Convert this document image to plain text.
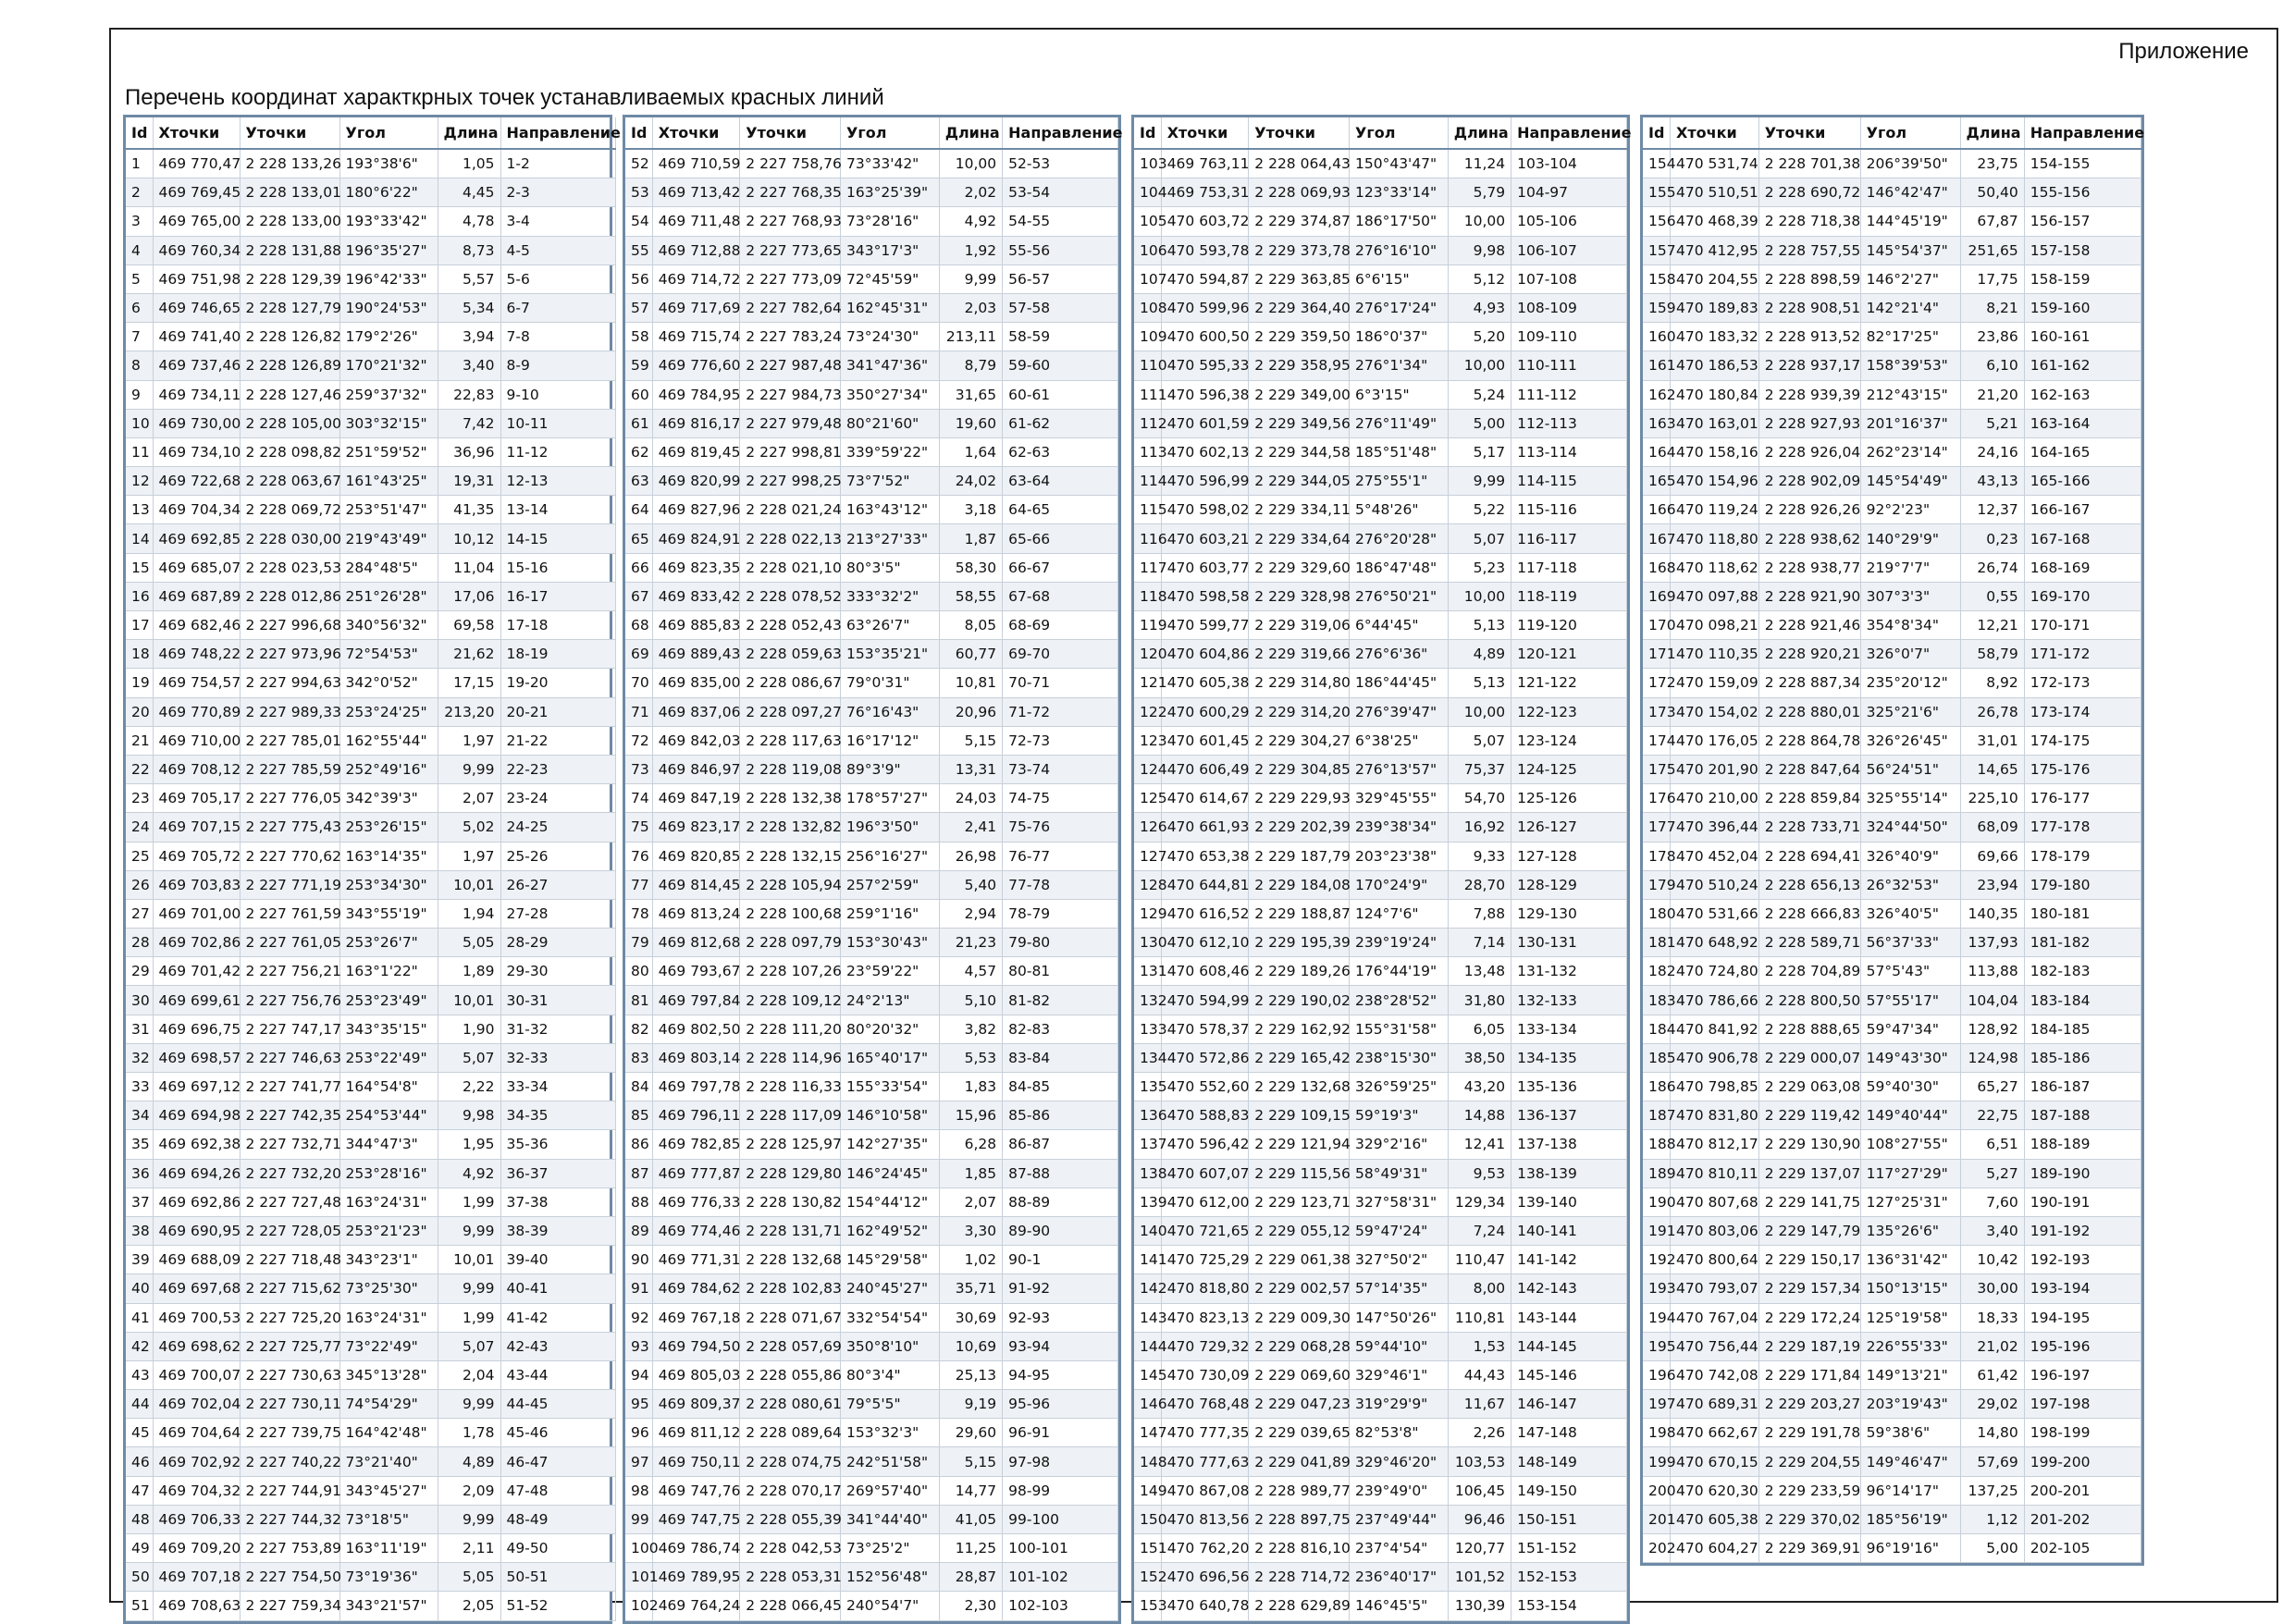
Приложение
Перечень координат характкрных точек устанавливаемых красных линий
Id	Хточки	Уточки	Угол	Длина	Направление
1	469 770,47	2 228 133,26	193°38'6"	1,05	1-2
2	469 769,45	2 228 133,01	180°6'22"	4,45	2-3
3	469 765,00	2 228 133,00	193°33'42"	4,78	3-4
4	469 760,34	2 228 131,88	196°35'27"	8,73	4-5
5	469 751,98	2 228 129,39	196°42'33"	5,57	5-6
6	469 746,65	2 228 127,79	190°24'53"	5,34	6-7
7	469 741,40	2 228 126,82	179°2'26"	3,94	7-8
8	469 737,46	2 228 126,89	170°21'32"	3,40	8-9
9	469 734,11	2 228 127,46	259°37'32"	22,83	9-10
10	469 730,00	2 228 105,00	303°32'15"	7,42	10-11
11	469 734,10	2 228 098,82	251°59'52"	36,96	11-12
12	469 722,68	2 228 063,67	161°43'25"	19,31	12-13
13	469 704,34	2 228 069,72	253°51'47"	41,35	13-14
14	469 692,85	2 228 030,00	219°43'49"	10,12	14-15
15	469 685,07	2 228 023,53	284°48'5"	11,04	15-16
16	469 687,89	2 228 012,86	251°26'28"	17,06	16-17
17	469 682,46	2 227 996,68	340°56'32"	69,58	17-18
18	469 748,22	2 227 973,96	72°54'53"	21,62	18-19
19	469 754,57	2 227 994,63	342°0'52"	17,15	19-20
20	469 770,89	2 227 989,33	253°24'25"	213,20	20-21
21	469 710,00	2 227 785,01	162°55'44"	1,97	21-22
22	469 708,12	2 227 785,59	252°49'16"	9,99	22-23
23	469 705,17	2 227 776,05	342°39'3"	2,07	23-24
24	469 707,15	2 227 775,43	253°26'15"	5,02	24-25
25	469 705,72	2 227 770,62	163°14'35"	1,97	25-26
26	469 703,83	2 227 771,19	253°34'30"	10,01	26-27
27	469 701,00	2 227 761,59	343°55'19"	1,94	27-28
28	469 702,86	2 227 761,05	253°26'7"	5,05	28-29
29	469 701,42	2 227 756,21	163°1'22"	1,89	29-30
30	469 699,61	2 227 756,76	253°23'49"	10,01	30-31
31	469 696,75	2 227 747,17	343°35'15"	1,90	31-32
32	469 698,57	2 227 746,63	253°22'49"	5,07	32-33
33	469 697,12	2 227 741,77	164°54'8"	2,22	33-34
34	469 694,98	2 227 742,35	254°53'44"	9,98	34-35
35	469 692,38	2 227 732,71	344°47'3"	1,95	35-36
36	469 694,26	2 227 732,20	253°28'16"	4,92	36-37
37	469 692,86	2 227 727,48	163°24'31"	1,99	37-38
38	469 690,95	2 227 728,05	253°21'23"	9,99	38-39
39	469 688,09	2 227 718,48	343°23'1"	10,01	39-40
40	469 697,68	2 227 715,62	73°25'30"	9,99	40-41
41	469 700,53	2 227 725,20	163°24'31"	1,99	41-42
42	469 698,62	2 227 725,77	73°22'49"	5,07	42-43
43	469 700,07	2 227 730,63	345°13'28"	2,04	43-44
44	469 702,04	2 227 730,11	74°54'29"	9,99	44-45
45	469 704,64	2 227 739,75	164°42'48"	1,78	45-46
46	469 702,92	2 227 740,22	73°21'40"	4,89	46-47
47	469 704,32	2 227 744,91	343°45'27"	2,09	47-48
48	469 706,33	2 227 744,32	73°18'5"	9,99	48-49
49	469 709,20	2 227 753,89	163°11'19"	2,11	49-50
50	469 707,18	2 227 754,50	73°19'36"	5,05	50-51
51	469 708,63	2 227 759,34	343°21'57"	2,05	51-52
Id	Хточки	Уточки	Угол	Длина	Направление
52	469 710,59	2 227 758,76	73°33'42"	10,00	52-53
53	469 713,42	2 227 768,35	163°25'39"	2,02	53-54
54	469 711,48	2 227 768,93	73°28'16"	4,92	54-55
55	469 712,88	2 227 773,65	343°17'3"	1,92	55-56
56	469 714,72	2 227 773,09	72°45'59"	9,99	56-57
57	469 717,69	2 227 782,64	162°45'31"	2,03	57-58
58	469 715,74	2 227 783,24	73°24'30"	213,11	58-59
59	469 776,60	2 227 987,48	341°47'36"	8,79	59-60
60	469 784,95	2 227 984,73	350°27'34"	31,65	60-61
61	469 816,17	2 227 979,48	80°21'60"	19,60	61-62
62	469 819,45	2 227 998,81	339°59'22"	1,64	62-63
63	469 820,99	2 227 998,25	73°7'52"	24,02	63-64
64	469 827,96	2 228 021,24	163°43'12"	3,18	64-65
65	469 824,91	2 228 022,13	213°27'33"	1,87	65-66
66	469 823,35	2 228 021,10	80°3'5"	58,30	66-67
67	469 833,42	2 228 078,52	333°32'2"	58,55	67-68
68	469 885,83	2 228 052,43	63°26'7"	8,05	68-69
69	469 889,43	2 228 059,63	153°35'21"	60,77	69-70
70	469 835,00	2 228 086,67	79°0'31"	10,81	70-71
71	469 837,06	2 228 097,27	76°16'43"	20,96	71-72
72	469 842,03	2 228 117,63	16°17'12"	5,15	72-73
73	469 846,97	2 228 119,08	89°3'9"	13,31	73-74
74	469 847,19	2 228 132,38	178°57'27"	24,03	74-75
75	469 823,17	2 228 132,82	196°3'50"	2,41	75-76
76	469 820,85	2 228 132,15	256°16'27"	26,98	76-77
77	469 814,45	2 228 105,94	257°2'59"	5,40	77-78
78	469 813,24	2 228 100,68	259°1'16"	2,94	78-79
79	469 812,68	2 228 097,79	153°30'43"	21,23	79-80
80	469 793,67	2 228 107,26	23°59'22"	4,57	80-81
81	469 797,84	2 228 109,12	24°2'13"	5,10	81-82
82	469 802,50	2 228 111,20	80°20'32"	3,82	82-83
83	469 803,14	2 228 114,96	165°40'17"	5,53	83-84
84	469 797,78	2 228 116,33	155°33'54"	1,83	84-85
85	469 796,11	2 228 117,09	146°10'58"	15,96	85-86
86	469 782,85	2 228 125,97	142°27'35"	6,28	86-87
87	469 777,87	2 228 129,80	146°24'45"	1,85	87-88
88	469 776,33	2 228 130,82	154°44'12"	2,07	88-89
89	469 774,46	2 228 131,71	162°49'52"	3,30	89-90
90	469 771,31	2 228 132,68	145°29'58"	1,02	90-1
91	469 784,62	2 228 102,83	240°45'27"	35,71	91-92
92	469 767,18	2 228 071,67	332°54'54"	30,69	92-93
93	469 794,50	2 228 057,69	350°8'10"	10,69	93-94
94	469 805,03	2 228 055,86	80°3'4"	25,13	94-95
95	469 809,37	2 228 080,61	79°5'5"	9,19	95-96
96	469 811,12	2 228 089,64	153°32'3"	29,60	96-91
97	469 750,11	2 228 074,75	242°51'58"	5,15	97-98
98	469 747,76	2 228 070,17	269°57'40"	14,77	98-99
99	469 747,75	2 228 055,39	341°44'40"	41,05	99-100
100	469 786,74	2 228 042,53	73°25'2"	11,25	100-101
101	469 789,95	2 228 053,31	152°56'48"	28,87	101-102
102	469 764,24	2 228 066,45	240°54'7"	2,30	102-103
Id	Хточки	Уточки	Угол	Длина	Направление
103	469 763,11	2 228 064,43	150°43'47"	11,24	103-104
104	469 753,31	2 228 069,93	123°33'14"	5,79	104-97
105	470 603,72	2 229 374,87	186°17'50"	10,00	105-106
106	470 593,78	2 229 373,78	276°16'10"	9,98	106-107
107	470 594,87	2 229 363,85	6°6'15"	5,12	107-108
108	470 599,96	2 229 364,40	276°17'24"	4,93	108-109
109	470 600,50	2 229 359,50	186°0'37"	5,20	109-110
110	470 595,33	2 229 358,95	276°1'34"	10,00	110-111
111	470 596,38	2 229 349,00	6°3'15"	5,24	111-112
112	470 601,59	2 229 349,56	276°11'49"	5,00	112-113
113	470 602,13	2 229 344,58	185°51'48"	5,17	113-114
114	470 596,99	2 229 344,05	275°55'1"	9,99	114-115
115	470 598,02	2 229 334,11	5°48'26"	5,22	115-116
116	470 603,21	2 229 334,64	276°20'28"	5,07	116-117
117	470 603,77	2 229 329,60	186°47'48"	5,23	117-118
118	470 598,58	2 229 328,98	276°50'21"	10,00	118-119
119	470 599,77	2 229 319,06	6°44'45"	5,13	119-120
120	470 604,86	2 229 319,66	276°6'36"	4,89	120-121
121	470 605,38	2 229 314,80	186°44'45"	5,13	121-122
122	470 600,29	2 229 314,20	276°39'47"	10,00	122-123
123	470 601,45	2 229 304,27	6°38'25"	5,07	123-124
124	470 606,49	2 229 304,85	276°13'57"	75,37	124-125
125	470 614,67	2 229 229,93	329°45'55"	54,70	125-126
126	470 661,93	2 229 202,39	239°38'34"	16,92	126-127
127	470 653,38	2 229 187,79	203°23'38"	9,33	127-128
128	470 644,81	2 229 184,08	170°24'9"	28,70	128-129
129	470 616,52	2 229 188,87	124°7'6"	7,88	129-130
130	470 612,10	2 229 195,39	239°19'24"	7,14	130-131
131	470 608,46	2 229 189,26	176°44'19"	13,48	131-132
132	470 594,99	2 229 190,02	238°28'52"	31,80	132-133
133	470 578,37	2 229 162,92	155°31'58"	6,05	133-134
134	470 572,86	2 229 165,42	238°15'30"	38,50	134-135
135	470 552,60	2 229 132,68	326°59'25"	43,20	135-136
136	470 588,83	2 229 109,15	59°19'3"	14,88	136-137
137	470 596,42	2 229 121,94	329°2'16"	12,41	137-138
138	470 607,07	2 229 115,56	58°49'31"	9,53	138-139
139	470 612,00	2 229 123,71	327°58'31"	129,34	139-140
140	470 721,65	2 229 055,12	59°47'24"	7,24	140-141
141	470 725,29	2 229 061,38	327°50'2"	110,47	141-142
142	470 818,80	2 229 002,57	57°14'35"	8,00	142-143
143	470 823,13	2 229 009,30	147°50'26"	110,81	143-144
144	470 729,32	2 229 068,28	59°44'10"	1,53	144-145
145	470 730,09	2 229 069,60	329°46'1"	44,43	145-146
146	470 768,48	2 229 047,23	319°29'9"	11,67	146-147
147	470 777,35	2 229 039,65	82°53'8"	2,26	147-148
148	470 777,63	2 229 041,89	329°46'20"	103,53	148-149
149	470 867,08	2 228 989,77	239°49'0"	106,45	149-150
150	470 813,56	2 228 897,75	237°49'44"	96,46	150-151
151	470 762,20	2 228 816,10	237°4'54"	120,77	151-152
152	470 696,56	2 228 714,72	236°40'17"	101,52	152-153
153	470 640,78	2 228 629,89	146°45'5"	130,39	153-154
Id	Хточки	Уточки	Угол	Длина	Направление
154	470 531,74	2 228 701,38	206°39'50"	23,75	154-155
155	470 510,51	2 228 690,72	146°42'47"	50,40	155-156
156	470 468,39	2 228 718,38	144°45'19"	67,87	156-157
157	470 412,95	2 228 757,55	145°54'37"	251,65	157-158
158	470 204,55	2 228 898,59	146°2'27"	17,75	158-159
159	470 189,83	2 228 908,51	142°21'4"	8,21	159-160
160	470 183,32	2 228 913,52	82°17'25"	23,86	160-161
161	470 186,53	2 228 937,17	158°39'53"	6,10	161-162
162	470 180,84	2 228 939,39	212°43'15"	21,20	162-163
163	470 163,01	2 228 927,93	201°16'37"	5,21	163-164
164	470 158,16	2 228 926,04	262°23'14"	24,16	164-165
165	470 154,96	2 228 902,09	145°54'49"	43,13	165-166
166	470 119,24	2 228 926,26	92°2'23"	12,37	166-167
167	470 118,80	2 228 938,62	140°29'9"	0,23	167-168
168	470 118,62	2 228 938,77	219°7'7"	26,74	168-169
169	470 097,88	2 228 921,90	307°3'3"	0,55	169-170
170	470 098,21	2 228 921,46	354°8'34"	12,21	170-171
171	470 110,35	2 228 920,21	326°0'7"	58,79	171-172
172	470 159,09	2 228 887,34	235°20'12"	8,92	172-173
173	470 154,02	2 228 880,01	325°21'6"	26,78	173-174
174	470 176,05	2 228 864,78	326°26'45"	31,01	174-175
175	470 201,90	2 228 847,64	56°24'51"	14,65	175-176
176	470 210,00	2 228 859,84	325°55'14"	225,10	176-177
177	470 396,44	2 228 733,71	324°44'50"	68,09	177-178
178	470 452,04	2 228 694,41	326°40'9"	69,66	178-179
179	470 510,24	2 228 656,13	26°32'53"	23,94	179-180
180	470 531,66	2 228 666,83	326°40'5"	140,35	180-181
181	470 648,92	2 228 589,71	56°37'33"	137,93	181-182
182	470 724,80	2 228 704,89	57°5'43"	113,88	182-183
183	470 786,66	2 228 800,50	57°55'17"	104,04	183-184
184	470 841,92	2 228 888,65	59°47'34"	128,92	184-185
185	470 906,78	2 229 000,07	149°43'30"	124,98	185-186
186	470 798,85	2 229 063,08	59°40'30"	65,27	186-187
187	470 831,80	2 229 119,42	149°40'44"	22,75	187-188
188	470 812,17	2 229 130,90	108°27'55"	6,51	188-189
189	470 810,11	2 229 137,07	117°27'29"	5,27	189-190
190	470 807,68	2 229 141,75	127°25'31"	7,60	190-191
191	470 803,06	2 229 147,79	135°26'6"	3,40	191-192
192	470 800,64	2 229 150,17	136°31'42"	10,42	192-193
193	470 793,07	2 229 157,34	150°13'15"	30,00	193-194
194	470 767,04	2 229 172,24	125°19'58"	18,33	194-195
195	470 756,44	2 229 187,19	226°55'33"	21,02	195-196
196	470 742,08	2 229 171,84	149°13'21"	61,42	196-197
197	470 689,31	2 229 203,27	203°19'43"	29,02	197-198
198	470 662,67	2 229 191,78	59°38'6"	14,80	198-199
199	470 670,15	2 229 204,55	149°46'47"	57,69	199-200
200	470 620,30	2 229 233,59	96°14'17"	137,25	200-201
201	470 605,38	2 229 370,02	185°56'19"	1,12	201-202
202	470 604,27	2 229 369,91	96°19'16"	5,00	202-105
